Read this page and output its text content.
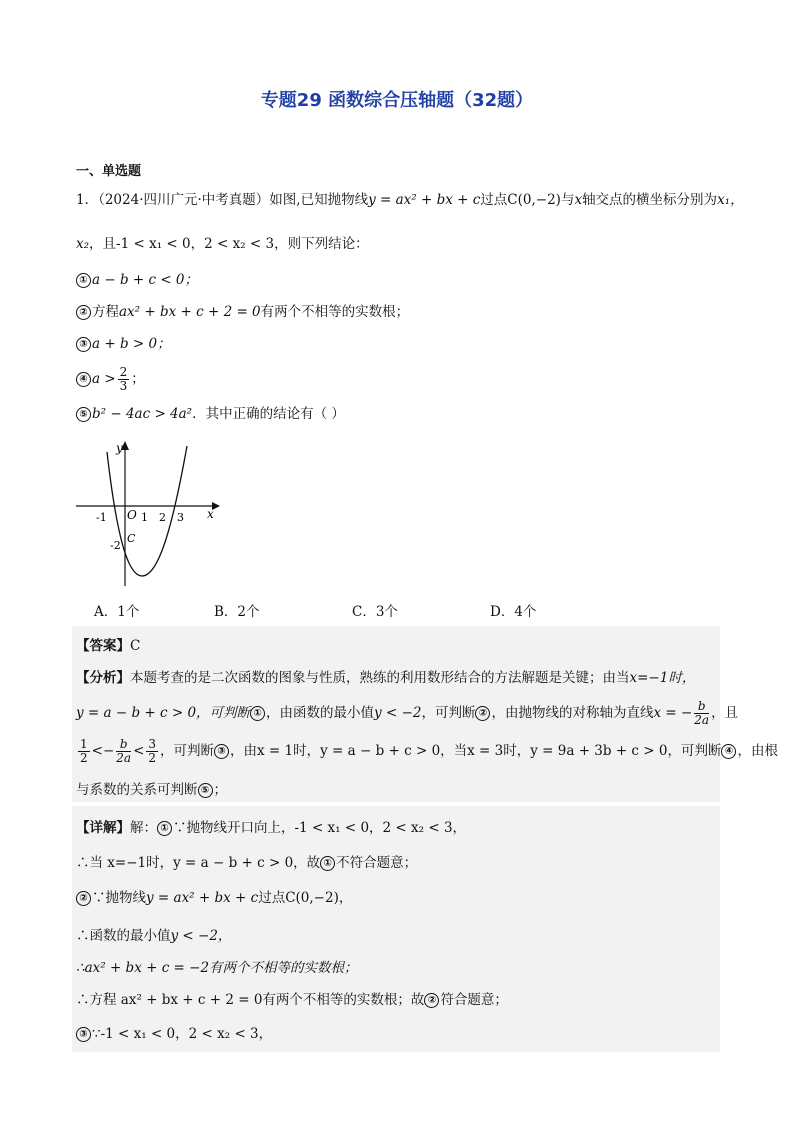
专题29 函数综合压轴题（32题）
一、单选题
1．（2024·四川广元·中考真题）如图,已知抛物线y = ax² + bx + c过点C(0,−2)与x轴交点的横坐标分别为x₁，
x₂，且-1 < x₁ < 0，2 < x₂ < 3，则下列结论：
① a − b + c < 0；
② 方程ax² + bx + c + 2 = 0有两个不相等的实数根；
③ a + b > 0；
④ $a > \frac{2}{3}$ ；
⑤ b² − 4ac > 4a²．其中正确的结论有（ ）
x
y
O
-1	1 2 3
-2
C
A．1个	B．2个	C．3个	D．4个
【答案】C
【分析】本题考查的是二次函数的图象与性质，熟练的利用数形结合的方法解题是关键；由当x=−1时，
y = a − b + c > 0，可判断 ① ，由函数的最小值y < −2，可判断 ② ，由抛物线的对称轴为直线x = − $\frac{b}{2a}$ ，且
$\frac{1}{2} <- \frac{b}{2a} < \frac{3}{2}$ ，可判断 ③ ，由x = 1时，y = a − b + c > 0，当x = 3时，y = 9a + 3b + c > 0，可判断 ④ ，由根
与系数的关系可判断 ⑤ ；
【详解】解： ① ∵抛物线开口向上，-1 < x₁ < 0，2 < x₂ < 3，
∴当 x=−1时，y = a − b + c > 0，故 ① 不符合题意；
② ∵抛物线y = ax² + bx + c过点C(0,−2)，
∴函数的最小值y < −2，
∴ax² + bx + c = −2有两个不相等的实数根；
∴方程 ax² + bx + c + 2 = 0有两个不相等的实数根；故 ② 符合题意；
③ ∵-1 < x₁ < 0，2 < x₂ < 3，
